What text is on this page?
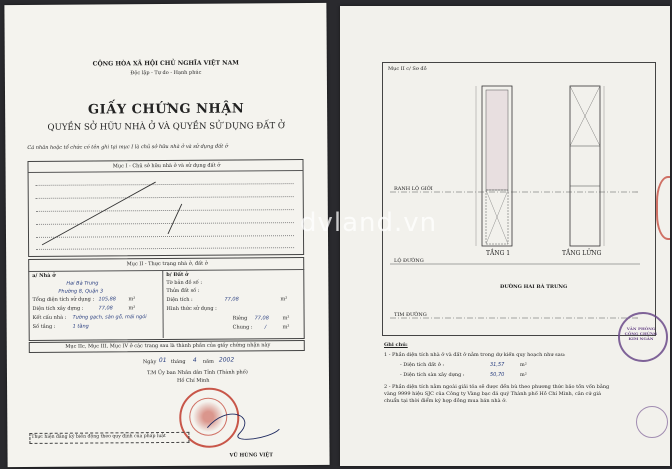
CỘNG HÒA XÃ HỘI CHỦ NGHĨA VIỆT NAM
Độc lập - Tự do - Hạnh phúc
GIẤY CHỨNG NHẬN
QUYỀN SỞ HỮU NHÀ Ở VÀ QUYỀN SỬ DỤNG ĐẤT Ở
Cá nhân hoặc tổ chức có tên ghi tại mục I là chủ sở hữu nhà ở và sử dụng đất ở
Mục I - Chủ sở hữu nhà ở và sử dụng đất ở
Mục II - Thực trạng nhà ở, đất ở
a/ Nhà ở
Hai Bà Trưng
Phường 8, Quận 3
Tổng diện tích sử dụng : 105,88 m²
Diện tích xây dựng :	77,08	m²
Kết cấu nhà : Tường gạch, sàn gỗ, mái ngói
Số tầng :	1 tầng
b/ Đất ở
Tờ bản đồ số :
Thửa đất số :
Diện tích :	77,08	m²
Hình thức sử dụng :
Riêng 77,08	m²
Chung : /	m²
Mục IIc, Mục III, Mục IV ở các trang sau là thành phần của giấy chứng nhận này
Ngày 01 tháng 4 năm 2002
T.M Ủy ban Nhân dân Tỉnh (Thành phố)
Hồ Chí Minh
Thực hiện đăng ký biến động theo quy định của pháp luật
VŨ HÙNG VIỆT
Mục II c/ Sơ đồ
RANH LỘ GIỚI
LỘ ĐƯỜNG
TIM ĐƯỜNG
TẦNG 1	TẦNG LỬNG
ĐƯỜNG HAI BÀ TRƯNG
Ghi chú:
1 - Phần diện tích nhà ở và đất ở nằm trong dự kiến quy hoạch như sau:
- Diện tích đất ở :	31,57	m²
- Diện tích sàn xây dựng :	50,70	m²
2 - Phần diện tích nằm ngoài giải tỏa sẽ được đền bù theo phương thức bảo tồn vốn bằng vàng 9999 hiệu SJC của Công ty Vàng bạc đá quý Thành phố Hồ Chí Minh, căn cứ giá chuẩn tại thời điểm ký hợp đồng mua bán nhà ở.
VĂN PHÒNG CÔNG CHỨNG KIM NGÂN
dvland.vn
